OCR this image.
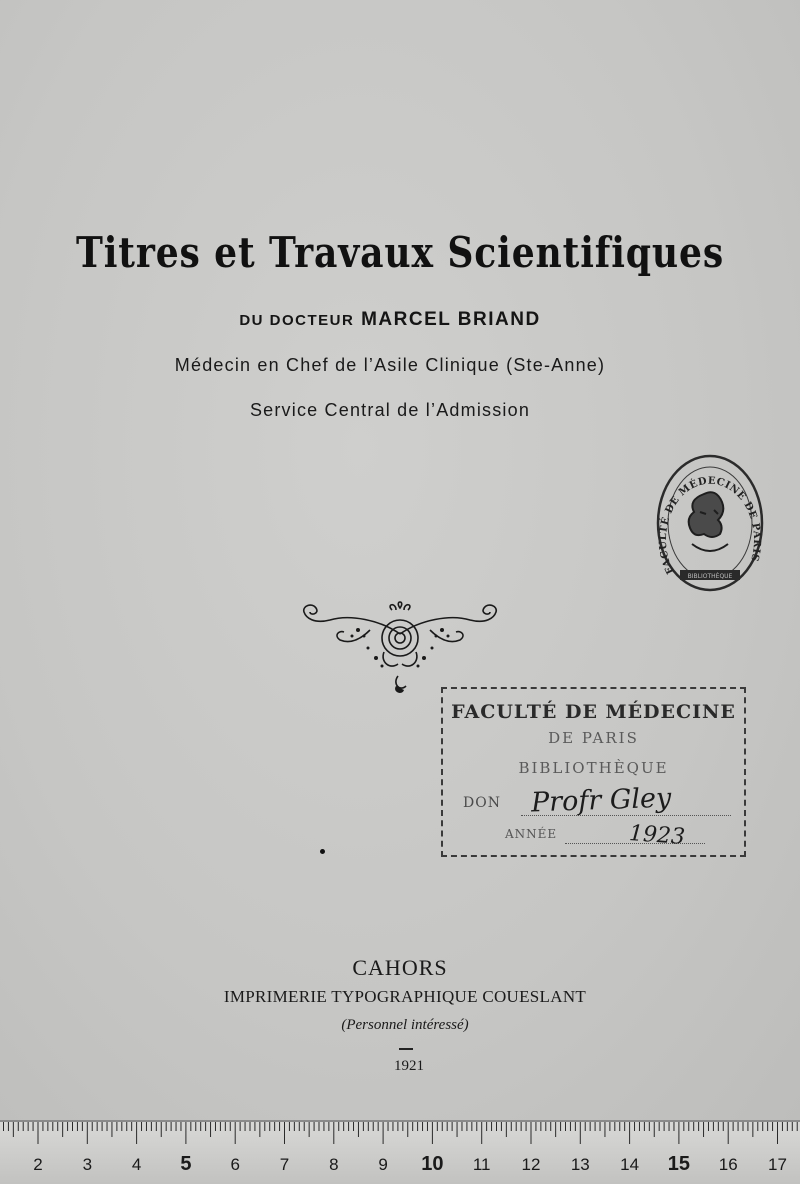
Titres et Travaux Scientifiques
DU DOCTEUR MARCEL BRIAND
Médecin en Chef de l’Asile Clinique (Ste-Anne)
Service Central de l’Admission
FACULTÉ DE MÉDECINE DE PARIS
BIBLIOTHÈQUE
FACULTÉ DE MÉDECINE
DE PARIS
BIBLIOTHÈQUE
DON Profr Gley
ANNÉE	1923
CAHORS
IMPRIMERIE TYPOGRAPHIQUE COUESLANT
(Personnel intéressé)
1921
2 3 4 5 6 7 8 9 10 11 12 13 14 15 16 17
